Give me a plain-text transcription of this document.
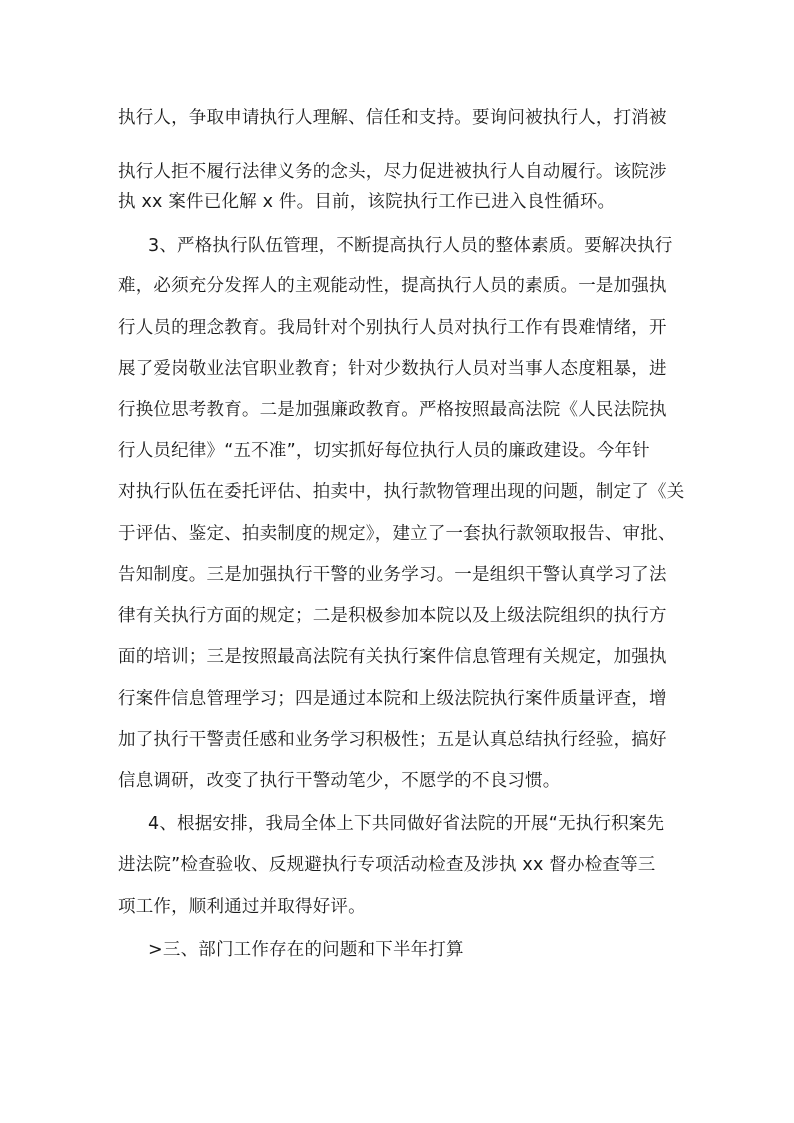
执行人，争取申请执行人理解、信任和支持。要询问被执行人，打消被
执行人拒不履行法律义务的念头，尽力促进被执行人自动履行。该院涉
执 xx 案件已化解 x 件。目前，该院执行工作已进入良性循环。
3、严格执行队伍管理，不断提高执行人员的整体素质。要解决执行
难，必须充分发挥人的主观能动性，提高执行人员的素质。一是加强执
行人员的理念教育。我局针对个别执行人员对执行工作有畏难情绪，开
展了爱岗敬业法官职业教育；针对少数执行人员对当事人态度粗暴，进
行换位思考教育。二是加强廉政教育。严格按照最高法院《人民法院执
行人员纪律》“五不准”，切实抓好每位执行人员的廉政建设。今年针
对执行队伍在委托评估、拍卖中，执行款物管理出现的问题，制定了《关
于评估、鉴定、拍卖制度的规定》，建立了一套执行款领取报告、审批、
告知制度。三是加强执行干警的业务学习。一是组织干警认真学习了法
律有关执行方面的规定；二是积极参加本院以及上级法院组织的执行方
面的培训；三是按照最高法院有关执行案件信息管理有关规定，加强执
行案件信息管理学习；四是通过本院和上级法院执行案件质量评查，增
加了执行干警责任感和业务学习积极性；五是认真总结执行经验，搞好
信息调研，改变了执行干警动笔少，不愿学的不良习惯。
4、根据安排，我局全体上下共同做好省法院的开展“无执行积案先
进法院”检查验收、反规避执行专项活动检查及涉执 xx 督办检查等三
项工作，顺利通过并取得好评。
>三、部门工作存在的问题和下半年打算
